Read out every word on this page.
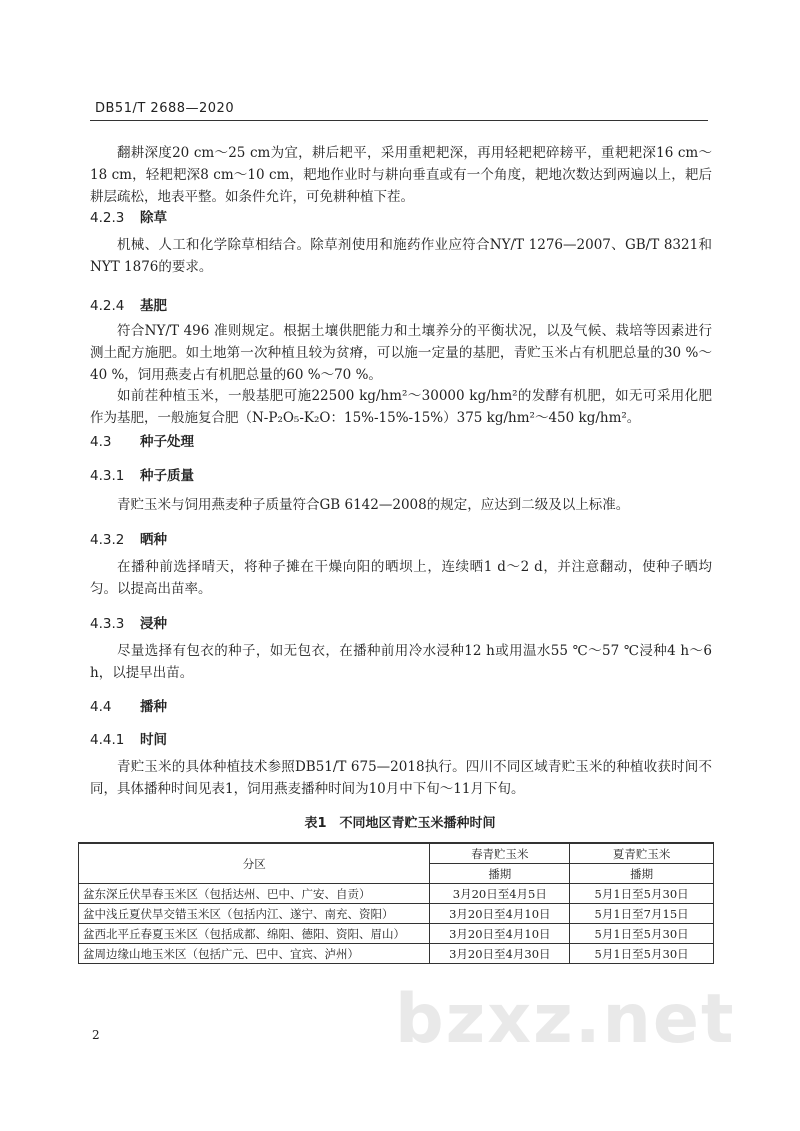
DB51/T 2688—2020
翻耕深度20 cm～25 cm为宜，耕后耙平，采用重耙耙深，再用轻耙耙碎耪平，重耙耙深16 cm～18 cm，轻耙耙深8 cm～10 cm，耙地作业时与耕向垂直或有一个角度，耙地次数达到两遍以上，耙后耕层疏松，地表平整。如条件允许，可免耕种植下茬。
4.2.3 除草
机械、人工和化学除草相结合。除草剂使用和施药作业应符合NY/T 1276—2007、GB/T 8321和NYT 1876的要求。
4.2.4 基肥
符合NY/T 496 准则规定。根据土壤供肥能力和土壤养分的平衡状况，以及气候、栽培等因素进行测土配方施肥。如土地第一次种植且较为贫瘠，可以施一定量的基肥，青贮玉米占有机肥总量的30 %～40 %，饲用燕麦占有机肥总量的60 %～70 %。
如前茬种植玉米，一般基肥可施22500 kg/hm²～30000 kg/hm²的发酵有机肥，如无可采用化肥作为基肥，一般施复合肥（N-P₂O₅-K₂O：15%-15%-15%）375 kg/hm²～450 kg/hm²。
4.3 种子处理
4.3.1 种子质量
青贮玉米与饲用燕麦种子质量符合GB 6142—2008的规定，应达到二级及以上标准。
4.3.2 晒种
在播种前选择晴天，将种子摊在干燥向阳的晒坝上，连续晒1 d～2 d，并注意翻动，使种子晒均匀。以提高出苗率。
4.3.3 浸种
尽量选择有包衣的种子，如无包衣，在播种前用冷水浸种12 h或用温水55 ℃～57 ℃浸种4 h～6 h，以提早出苗。
4.4 播种
4.4.1 时间
青贮玉米的具体种植技术参照DB51/T 675—2018执行。四川不同区域青贮玉米的种植收获时间不同，具体播种时间见表1，饲用燕麦播种时间为10月中下旬～11月下旬。
表1　不同地区青贮玉米播种时间
分区	春青贮玉米	夏青贮玉米
	播期	播期
盆东深丘伏旱春玉米区（包括达州、巴中、广安、自贡）	3月20日至4月5日	5月1日至5月30日
盆中浅丘夏伏旱交错玉米区（包括内江、遂宁、南充、资阳）	3月20日至4月10日	5月1日至7月15日
盆西北平丘春夏玉米区（包括成都、绵阳、德阳、资阳、眉山）	3月20日至4月10日	5月1日至5月30日
盆周边缘山地玉米区（包括广元、巴中、宜宾、泸州）	3月20日至4月30日	5月1日至5月30日
bzxz.net
2
